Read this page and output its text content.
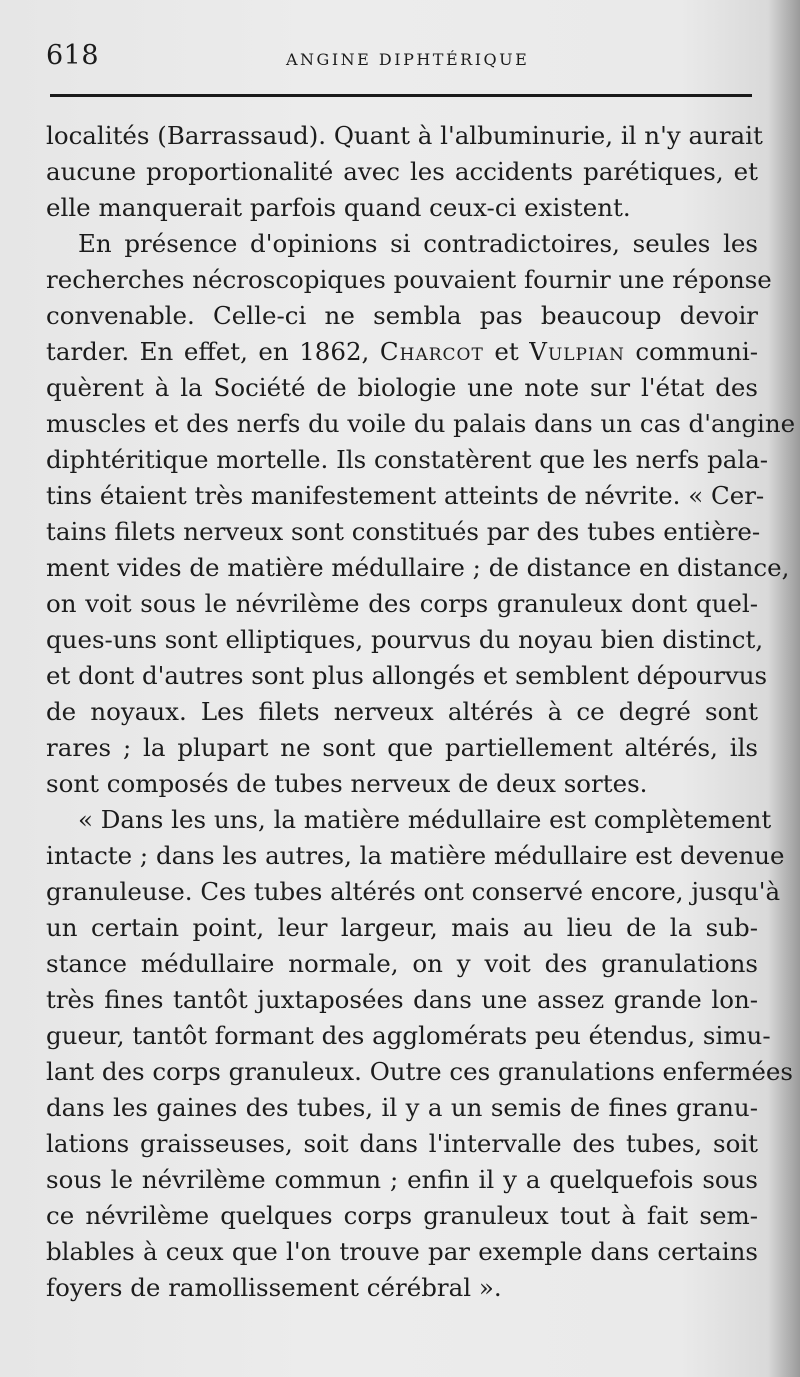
618	ANGINE DIPHTÉRIQUE
localités (Barrassaud). Quant à l'albuminurie, il n'y aurait
aucune proportionalité avec les accidents parétiques, et
elle manquerait parfois quand ceux-ci existent.
En présence d'opinions si contradictoires, seules les
recherches nécroscopiques pouvaient fournir une réponse
convenable. Celle-ci ne sembla pas beaucoup devoir
tarder. En effet, en 1862, Charcot et Vulpian communi-
quèrent à la Société de biologie une note sur l'état des
muscles et des nerfs du voile du palais dans un cas d'angine
diphtéritique mortelle. Ils constatèrent que les nerfs pala-
tins étaient très manifestement atteints de névrite. « Cer-
tains filets nerveux sont constitués par des tubes entière-
ment vides de matière médullaire ; de distance en distance,
on voit sous le névrilème des corps granuleux dont quel-
ques-uns sont elliptiques, pourvus du noyau bien distinct,
et dont d'autres sont plus allongés et semblent dépourvus
de noyaux. Les filets nerveux altérés à ce degré sont
rares ; la plupart ne sont que partiellement altérés, ils
sont composés de tubes nerveux de deux sortes.
« Dans les uns, la matière médullaire est complètement
intacte ; dans les autres, la matière médullaire est devenue
granuleuse. Ces tubes altérés ont conservé encore, jusqu'à
un certain point, leur largeur, mais au lieu de la sub-
stance médullaire normale, on y voit des granulations
très fines tantôt juxtaposées dans une assez grande lon-
gueur, tantôt formant des agglomérats peu étendus, simu-
lant des corps granuleux. Outre ces granulations enfermées
dans les gaines des tubes, il y a un semis de fines granu-
lations graisseuses, soit dans l'intervalle des tubes, soit
sous le névrilème commun ; enfin il y a quelquefois sous
ce névrilème quelques corps granuleux tout à fait sem-
blables à ceux que l'on trouve par exemple dans certains
foyers de ramollissement cérébral ».
